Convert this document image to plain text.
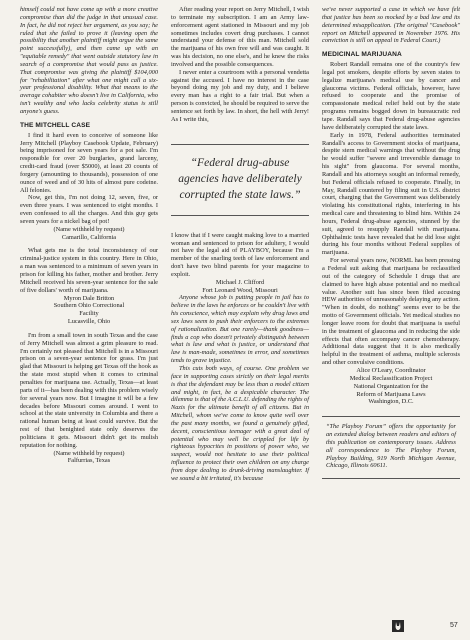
himself could not have come up with a more creative compromise than did the judge in that unusual case. In fact, he did not reject her argument, as you say; he ruled that she failed to prove it (leaving open the possibility that another plaintiff might argue the same point successfully), and then came up with an "equitable remedy" that went outside statutory law in search of a compromise that would pass as justice. That compromise was giving the plaintiff $104,000 for "rehabilitation" after what one might call a six-year professional disability. What that means to the average cohabiter who doesn't live in California, who isn't wealthy and who lacks celebrity status is still anyone's guess.

THE MITCHELL CASE

I find it hard even to conceive of someone like Jerry Mitchell (Playboy Casebook Update, February) being imprisoned for seven years for a pot sale. I'm responsible for over 20 burglaries, grand larceny, credit-card fraud (over $5000), at least 20 counts of forgery (amounting to thousands), possession of one ounce of weed and of 30 hits of almost pure codeine. All felonies.

Now, get this, I'm not doing 12, seven, five, or even three years. I was sentenced to eight months. I even confessed to all the charges. And this guy gets seven years for a nickel bag of pot!

(Name withheld by request)
Camarillo, California

What gets me is the total inconsistency of our criminal-justice system in this country. Here in Ohio, a man was sentenced to a minimum of seven years in prison for killing his father, mother and brother. Jerry Mitchell received his seven-year sentence for the sale of five dollars' worth of marijuana.

Myron Dale Britton
Southern Ohio Correctional
Facility
Lucasville, Ohio

I'm from a small town in south Texas and the case of Jerry Mitchell was almost a grim pleasure to read. I'm certainly not pleased that Mitchell is in a Missouri prison on a seven-year sentence for grass. I'm just glad that Missouri is helping get Texas off the hook as the state most stupid when it comes to criminal penalties for marijuana use. Actually, Texas—at least parts of it—has been dealing with this problem wisely for several years now. But I imagine it will be a few decades before Missouri comes around. I went to school at the state university in Columbia and there a rational human being at least could survive. But the rest of that benighted state only deserves the politicians it gets. Missouri didn't get its mulish reputation for nothing.

(Name withheld by request)
Falfurrias, Texas

After reading your report on Jerry Mitchell, I wish to terminate my subscription. I am an Army law-enforcement agent stationed in Missouri and my job sometimes includes covert drug purchases. I cannot understand your defense of this man. Mitchell sold the marijuana of his own free will and was caught. It was his decision, no one else's, and he knew the risks involved and the possible consequences.

I never enter a courtroom with a personal vendetta against the accused. I have no interest in the case beyond doing my job and my duty, and I believe every man has a right to a fair trial. But when a person is convicted, he should be required to serve the sentence set forth by law. In short, the hell with Jerry! As I write this,

“Federal drug-abuse agencies have deliberately corrupted the state laws.”

I know that if I were caught making love to a married woman and sentenced to prison for adultery, I would not have the legal aid of PLAYBOY, because I'm a member of the snarling teeth of law enforcement and don't have two blind parents for your magazine to exploit.

Michael J. Clifford
Fort Leonard Wood, Missouri

Anyone whose job is putting people in jail has to believe in the laws he enforces or he couldn't live with his conscience, which may explain why drug laws and sex laws seem to push their enforcers to the extremes of rationalization. But one rarely—thank goodness—finds a cop who doesn't privately distinguish between what is law and what is justice, or understand that law is man-made, sometimes in error, and sometimes tends to grave injustice.

This cuts both ways, of course. One problem we face in supporting cases strictly on their legal merits is that the defendant may be less than a model citizen and might, in fact, be a despicable character. The dilemma is that of the A.C.L.U. defending the rights of Nazis for the ultimate benefit of all citizens. But in Mitchell, whom we've come to know quite well over the past many months, we found a genuinely gifted, decent, conscientious teenager with a great deal of potential who may well be crippled for life by righteous hypocrites in positions of power who, we suspect, would not hesitate to use their political influence to protect their own children on any charge from dope dealing to drunk-driving manslaughter. If we sound a bit irritated, it's because

we've never supported a case in which we have felt that justice has been so mocked by a bad law and its determined misapplication. (The original "Casebook" report on Mitchell appeared in November 1976. His conviction is still on appeal in Federal Court.)

MEDICINAL MARIJUANA

Robert Randall remains one of the country's few legal pot smokers, despite efforts by seven states to legalize marijuana's medical use by cancer and glaucoma victims. Federal officials, however, have refused to cooperate and the promise of compassionate medical relief held out by the state programs remains bogged down in bureaucratic red tape. Randall says that Federal drug-abuse agencies have deliberately corrupted the state laws.

Early in 1978, Federal authorities terminated Randall's access to Government stocks of marijuana, despite stern medical warnings that without the drug he would suffer "severe and irreversible damage to his sight" from glaucoma. For several months, Randall and his attorneys sought an informal remedy, but Federal officials refused to cooperate. Finally, in May, Randall countered by filing suit in U.S. district court, charging that the Government was deliberately violating his constitutional rights, interfering in his medical care and threatening to blind him. Within 24 hours, Federal drug-abuse agencies, stunned by the suit, agreed to resupply Randall with marijuana. Ophthalmic tests have revealed that he did lose sight during his four months without Federal supplies of marijuana.

For several years now, NORML has been pressing a Federal suit asking that marijuana be reclassified out of the category of Schedule I drugs that are claimed to have high abuse potential and no medical value. Another suit has since been filed accusing HEW authorities of unreasonably delaying any action. "When in doubt, do nothing" seems ever to be the motto of Government officials. Yet medical studies no longer leave room for doubt that marijuana is useful in the treatment of glaucoma and in reducing the side effects that often accompany cancer chemotherapy. Additional data suggest that it is also medically helpful in the treatment of asthma, multiple sclerosis and other convulsive conditions.

Alice O'Leary, Coordinator
Medical Reclassification Project
National Organization for the
Reform of Marijuana Laws
Washington, D.C.
“The Playboy Forum” offers the opportunity for an extended dialog between readers and editors of this publication on contemporary issues. Address all correspondence to The Playboy Forum, Playboy Building, 919 North Michigan Avenue, Chicago, Illinois 60611.
57
